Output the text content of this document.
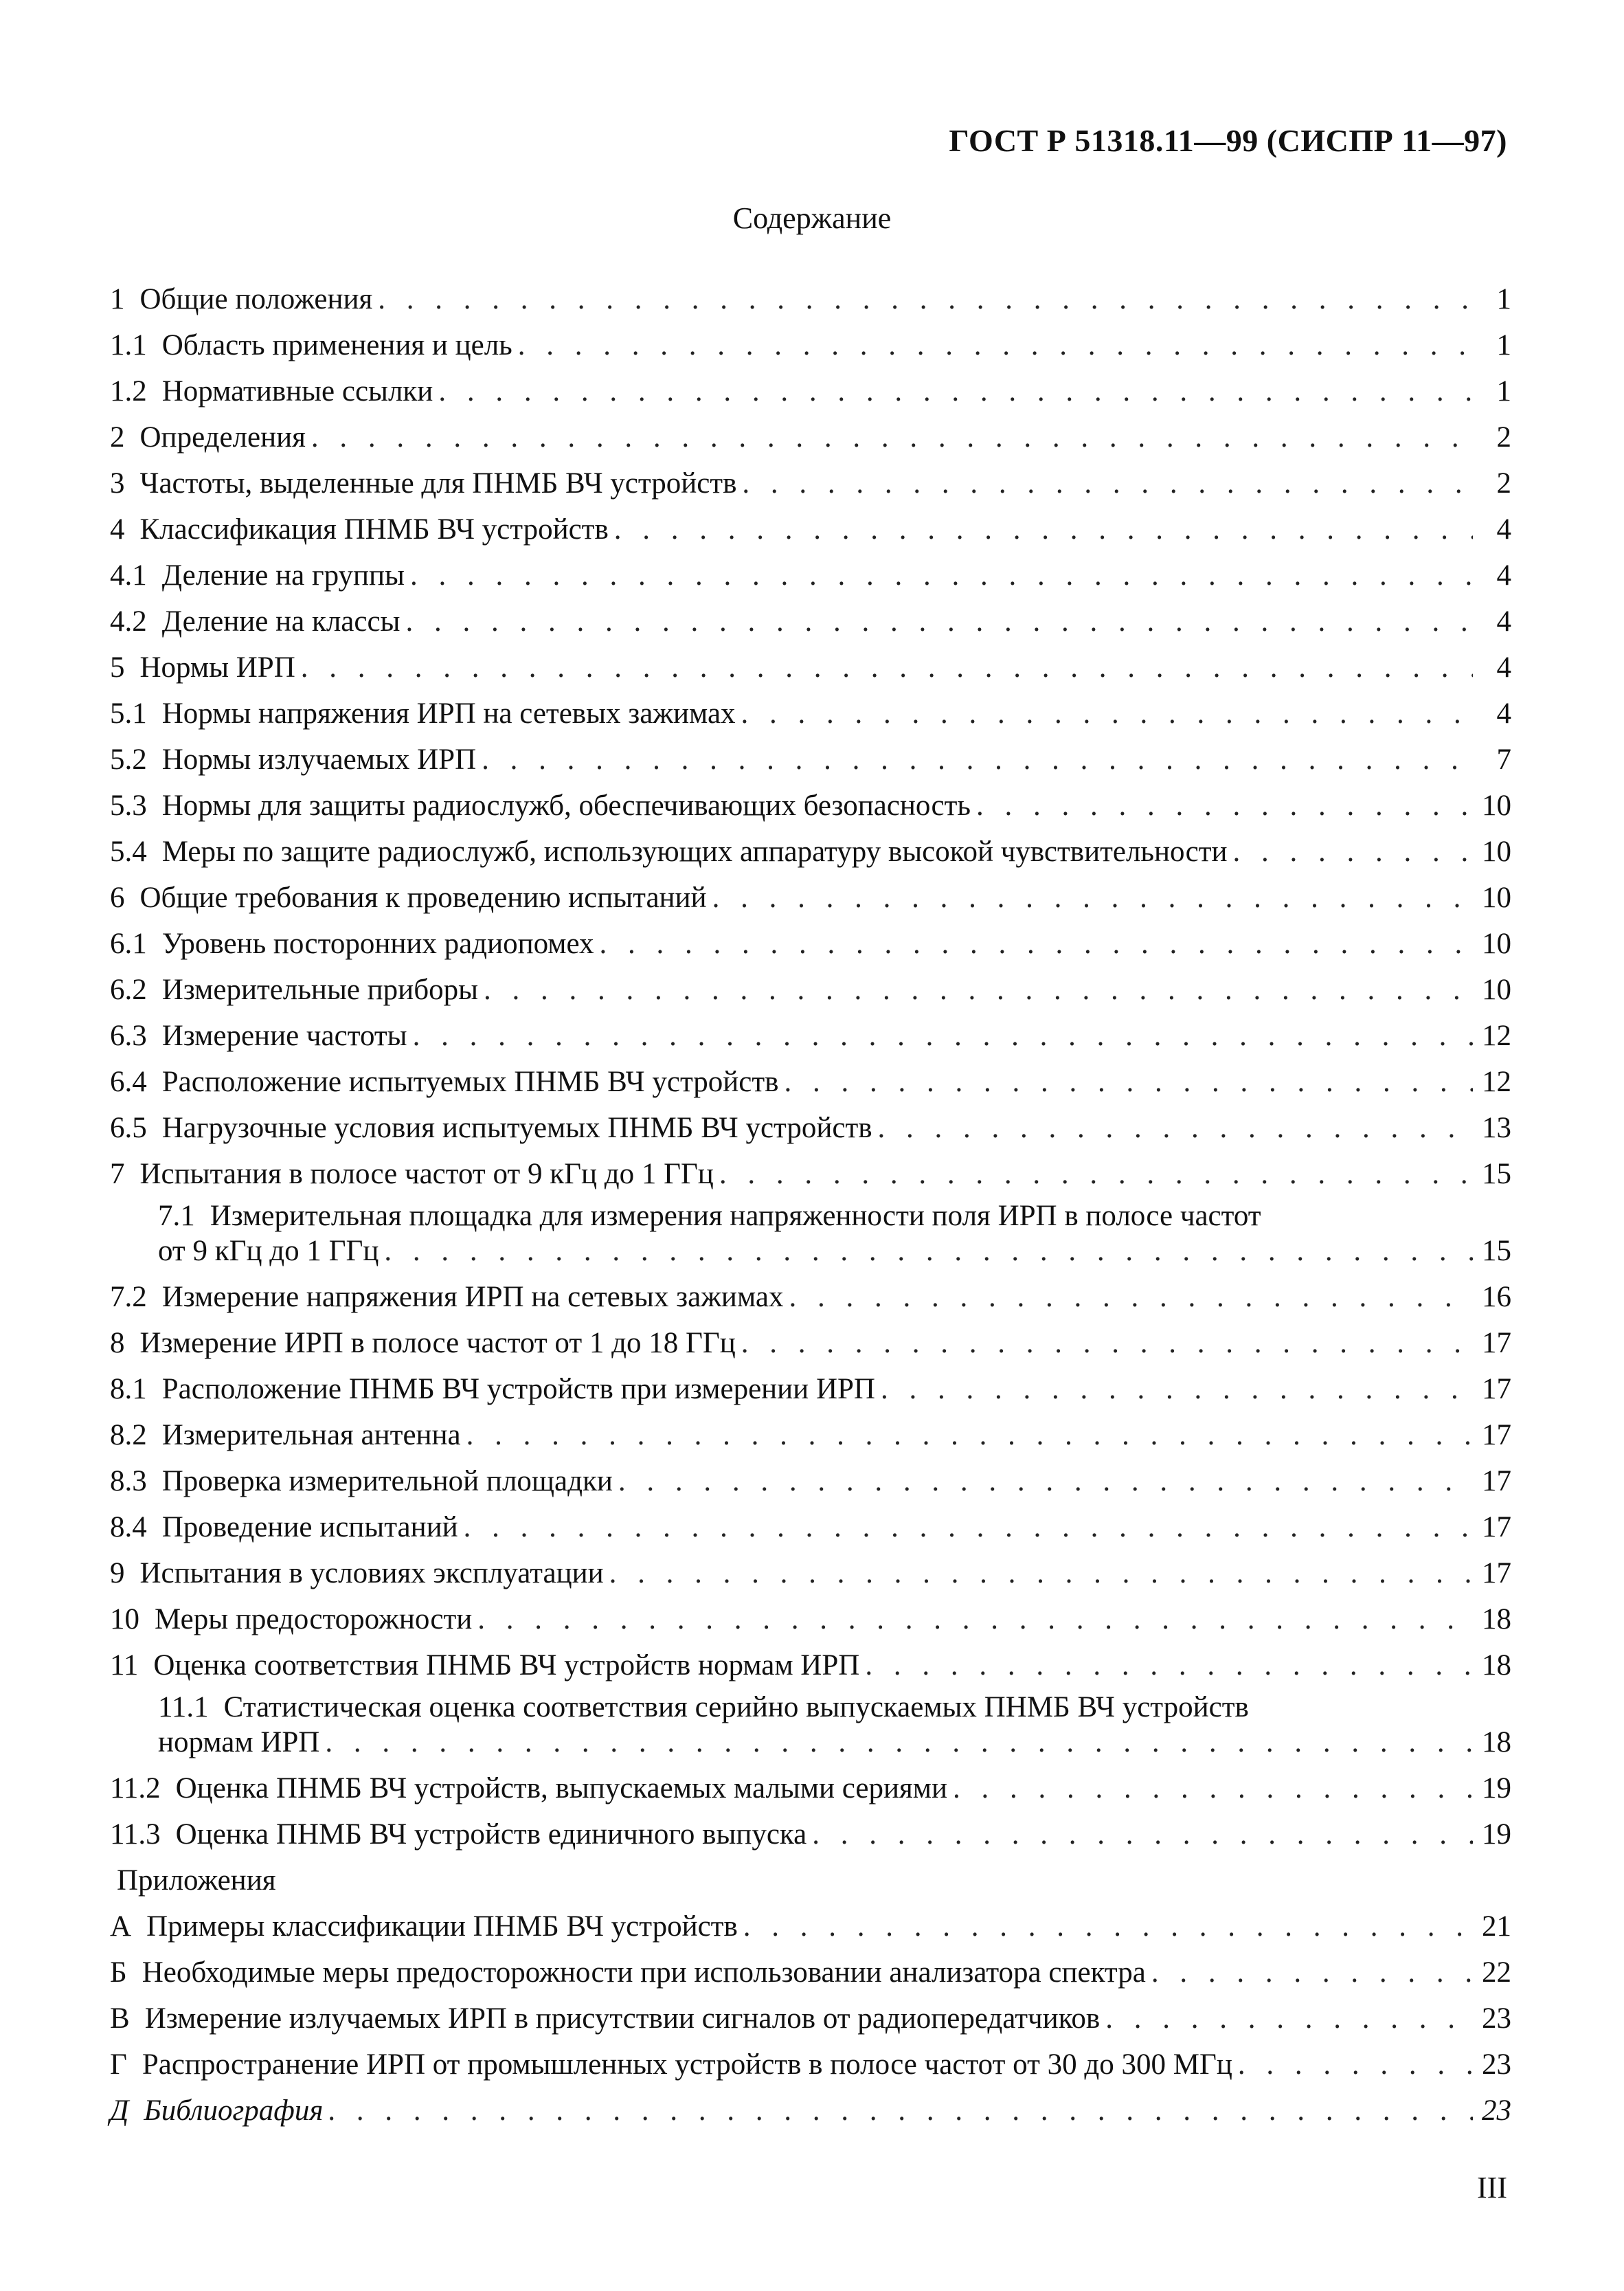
ГОСТ Р 51318.11—99 (СИСПР 11—97)
Содержание
1 Общие положения . . .	1
1.1 Область применения и цель . . .	1
1.2 Нормативные ссылки . . .	1
2 Определения . . .	2
3 Частоты, выделенные для ПНМБ ВЧ устройств . . .	2
4 Классификация ПНМБ ВЧ устройств . . .	4
4.1 Деление на группы . . .	4
4.2 Деление на классы . . .	4
5 Нормы ИРП . . .	4
5.1 Нормы напряжения ИРП на сетевых зажимах . . .	4
5.2 Нормы излучаемых ИРП . . .	7
5.3 Нормы для защиты радиослужб, обеспечивающих безопасность . . .	10
5.4 Меры по защите радиослужб, использующих аппаратуру высокой чувствительности . . .	10
6 Общие требования к проведению испытаний . . .	10
6.1 Уровень посторонних радиопомех . . .	10
6.2 Измерительные приборы . . .	10
6.3 Измерение частоты . . .	12
6.4 Расположение испытуемых ПНМБ ВЧ устройств . . .	12
6.5 Нагрузочные условия испытуемых ПНМБ ВЧ устройств . . .	13
7 Испытания в полосе частот от 9 кГц до 1 ГГц . . .	15
7.1 Измерительная площадка для измерения напряженности поля ИРП в полосе частот
от 9 кГц до 1 ГГц . . .	15
7.2 Измерение напряжения ИРП на сетевых зажимах . . .	16
8 Измерение ИРП в полосе частот от 1 до 18 ГГц . . .	17
8.1 Расположение ПНМБ ВЧ устройств при измерении ИРП . . .	17
8.2 Измерительная антенна . . .	17
8.3 Проверка измерительной площадки . . .	17
8.4 Проведение испытаний . . .	17
9 Испытания в условиях эксплуатации . . .	17
10 Меры предосторожности . . .	18
11 Оценка соответствия ПНМБ ВЧ устройств нормам ИРП . . .	18
11.1 Статистическая оценка соответствия серийно выпускаемых ПНМБ ВЧ устройств
нормам ИРП . . .	18
11.2 Оценка ПНМБ ВЧ устройств, выпускаемых малыми сериями . . .	19
11.3 Оценка ПНМБ ВЧ устройств единичного выпуска . . .	19
Приложения
А Примеры классификации ПНМБ ВЧ устройств . . .	21
Б Необходимые меры предосторожности при использовании анализатора спектра . . .	22
В Измерение излучаемых ИРП в присутствии сигналов от радиопередатчиков . . .	23
Г Распространение ИРП от промышленных устройств в полосе частот от 30 до 300 МГц . . .	23
Д Библиография . . .	23
III
